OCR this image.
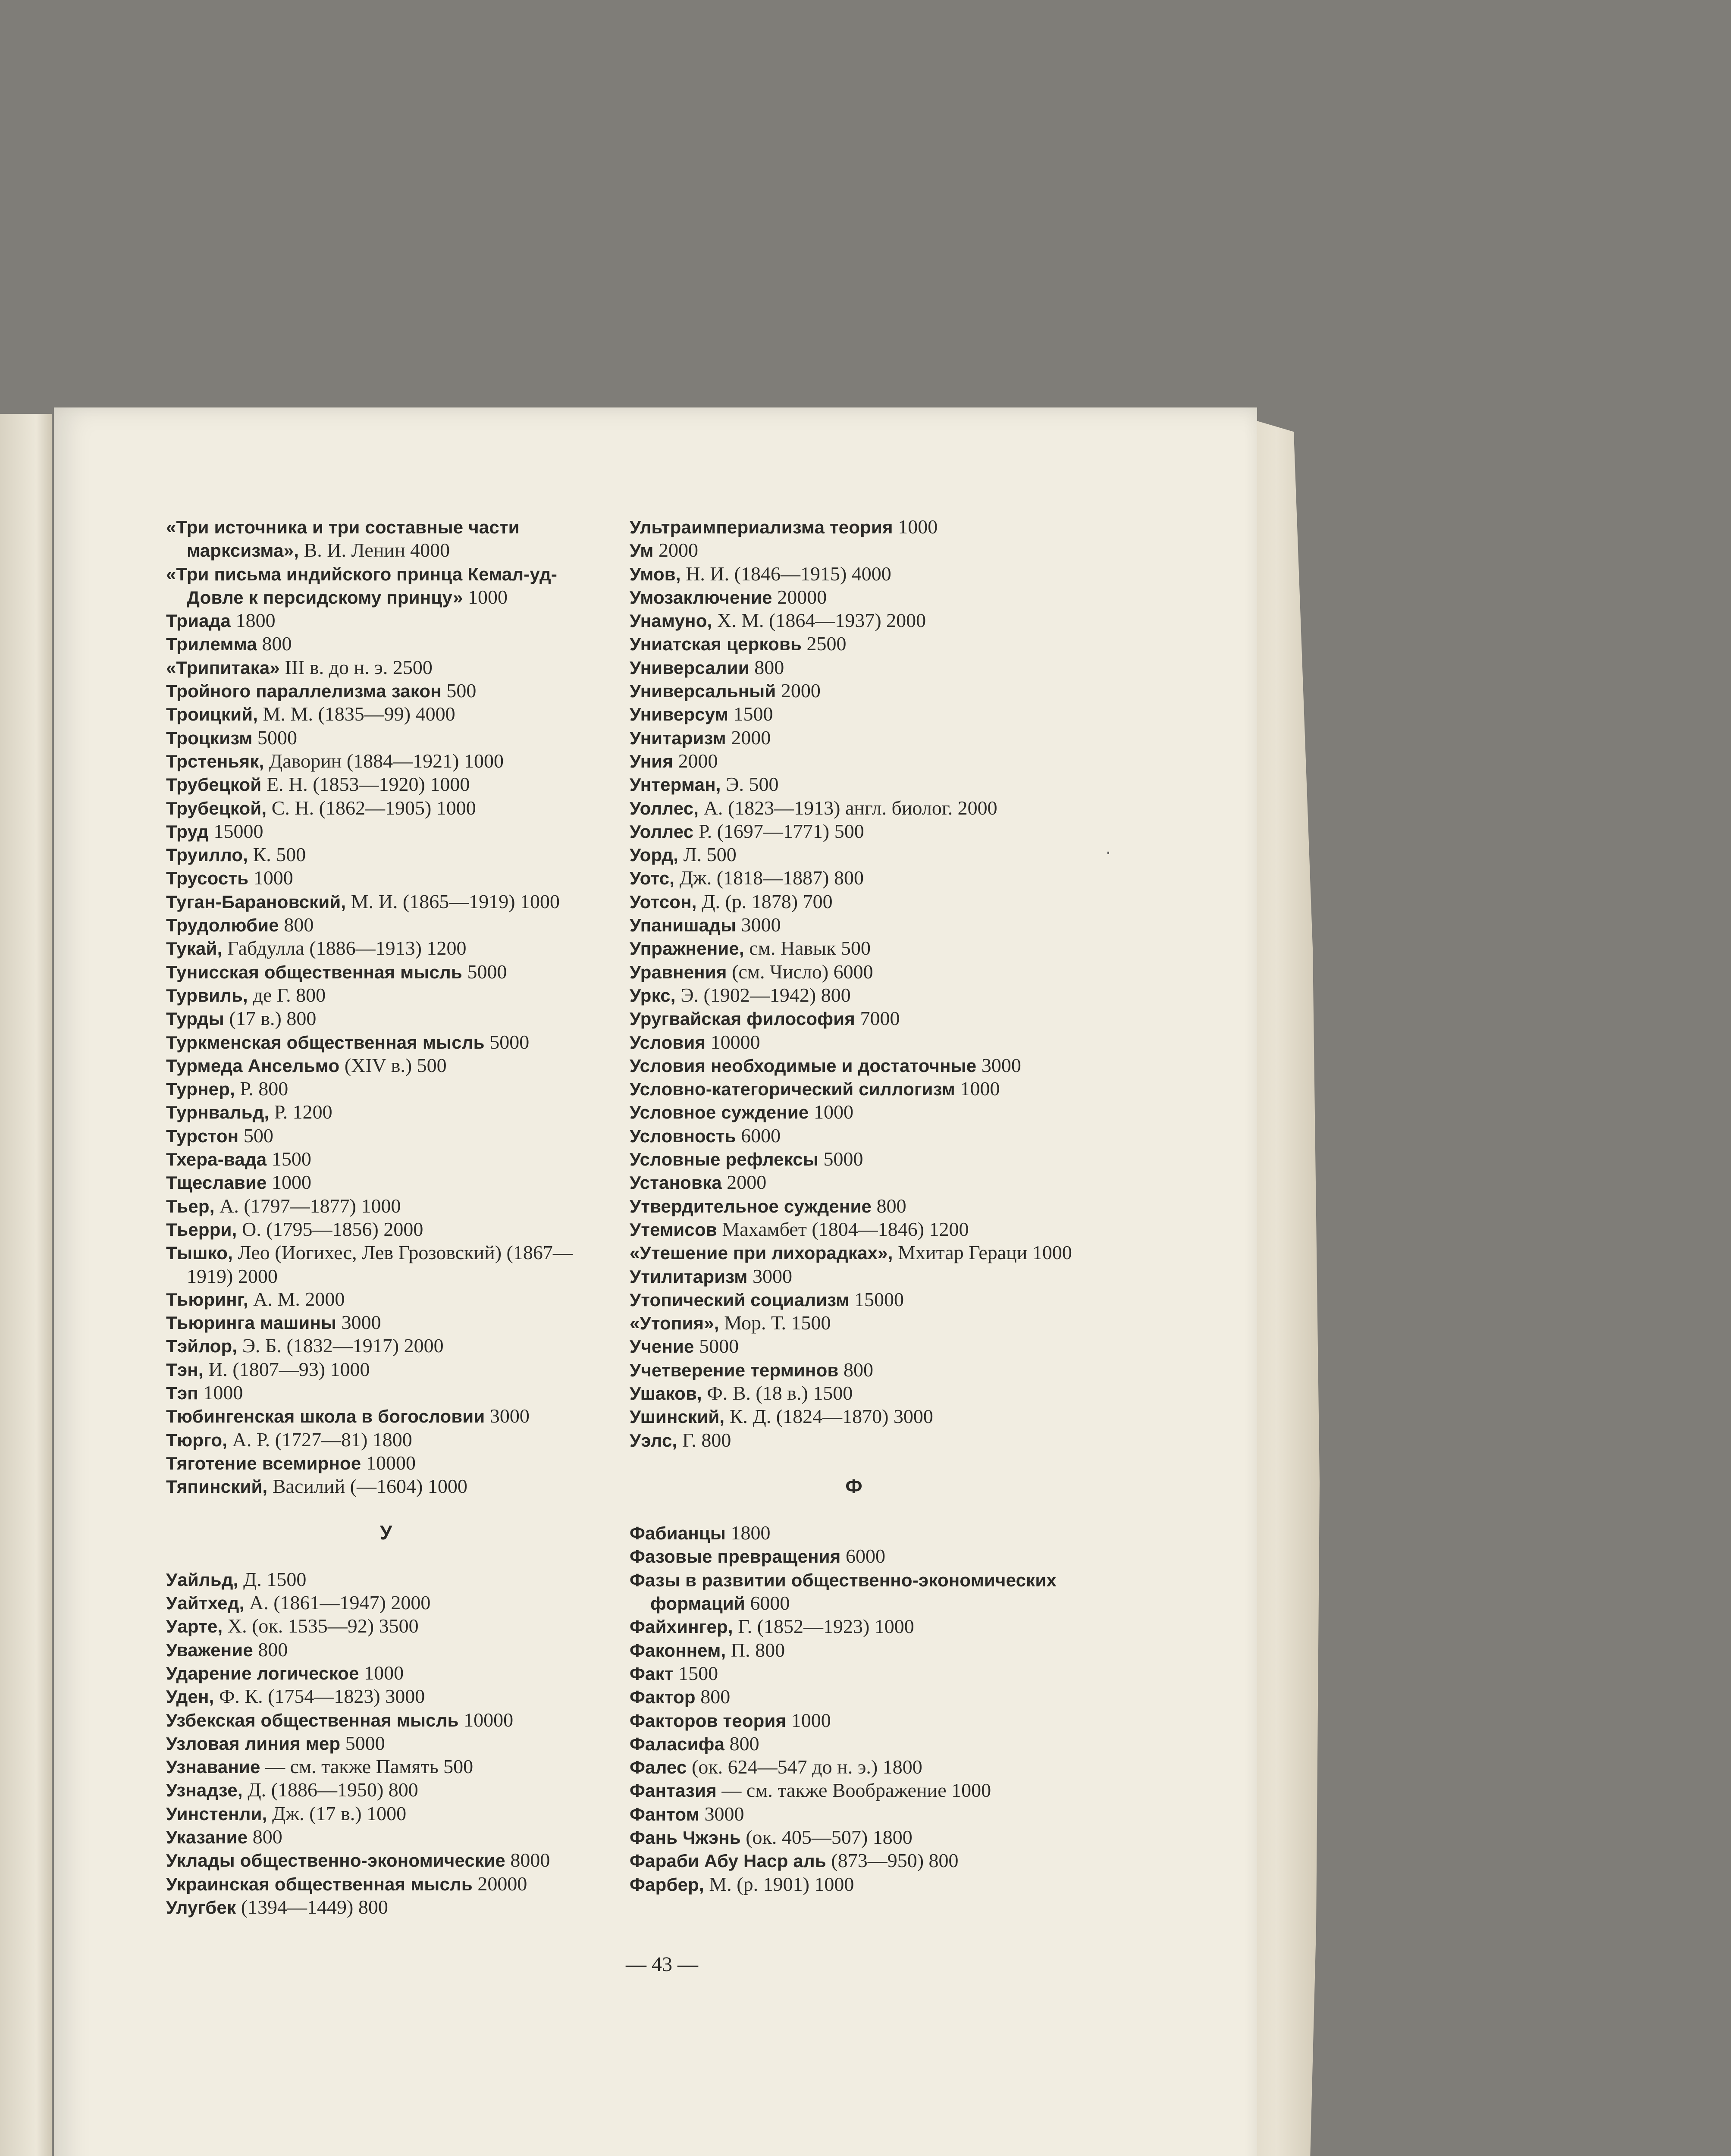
«Три источника и три составные части марксизма», В. И. Ленин 4000

«Три письма индийского принца Кемал-уд-Довле к персидскому принцу» 1000

Триада 1800

Трилемма 800

«Трипитака» III в. до н. э. 2500

Тройного параллелизма закон 500

Троицкий, М. М. (1835—99) 4000

Троцкизм 5000

Трстеньяк, Даворин (1884—1921) 1000

Трубецкой Е. Н. (1853—1920) 1000

Трубецкой, С. Н. (1862—1905) 1000

Труд 15000

Труилло, К. 500

Трусость 1000

Туган-Барановский, М. И. (1865—1919) 1000

Трудолюбие 800

Тукай, Габдулла (1886—1913) 1200

Тунисская общественная мысль 5000

Турвиль, де Г. 800

Турды (17 в.) 800

Туркменская общественная мысль 5000

Турмеда Ансельмо (XIV в.) 500

Турнер, Р. 800

Турнвальд, Р. 1200

Турстон 500

Тхера-вада 1500

Тщеславие 1000

Тьер, А. (1797—1877) 1000

Тьерри, О. (1795—1856) 2000

Тышко, Лео (Иогихес, Лев Грозовский) (1867—1919) 2000

Тьюринг, А. М. 2000

Тьюринга машины 3000

Тэйлор, Э. Б. (1832—1917) 2000

Тэн, И. (1807—93) 1000

Тэп 1000

Тюбингенская школа в богословии 3000

Тюрго, А. Р. (1727—81) 1800

Тяготение всемирное 10000

Тяпинский, Василий (—1604) 1000

У

Уайльд, Д. 1500

Уайтхед, А. (1861—1947) 2000

Уарте, Х. (ок. 1535—92) 3500

Уважение 800

Ударение логическое 1000

Уден, Ф. К. (1754—1823) 3000

Узбекская общественная мысль 10000

Узловая линия мер 5000

Узнавание — см. также Память 500

Узнадзе, Д. (1886—1950) 800

Уинстенли, Дж. (17 в.) 1000

Указание 800

Уклады общественно-экономические 8000

Украинская общественная мысль 20000

Улугбек (1394—1449) 800

Ультраимпериализма теория 1000

Ум 2000

Умов, Н. И. (1846—1915) 4000

Умозаключение 20000

Унамуно, Х. М. (1864—1937) 2000

Униатская церковь 2500

Универсалии 800

Универсальный 2000

Универсум 1500

Унитаризм 2000

Уния 2000

Унтерман, Э. 500

Уоллес, А. (1823—1913) англ. биолог. 2000

Уоллес Р. (1697—1771) 500

Уорд, Л. 500

Уотс, Дж. (1818—1887) 800

Уотсон, Д. (р. 1878) 700

Упанишады 3000

Упражнение, см. Навык 500

Уравнения (см. Число) 6000

Уркс, Э. (1902—1942) 800

Уругвайская философия 7000

Условия 10000

Условия необходимые и достаточные 3000

Условно-категорический силлогизм 1000

Условное суждение 1000

Условность 6000

Условные рефлексы 5000

Установка 2000

Утвердительное суждение 800

Утемисов Махамбет (1804—1846) 1200

«Утешение при лихорадках», Мхитар Гераци 1000

Утилитаризм 3000

Утопический социализм 15000

«Утопия», Мор. Т. 1500

Учение 5000

Учетверение терминов 800

Ушаков, Ф. В. (18 в.) 1500

Ушинский, К. Д. (1824—1870) 3000

Уэлс, Г. 800

Ф

Фабианцы 1800

Фазовые превращения 6000

Фазы в развитии общественно-экономических формаций 6000

Файхингер, Г. (1852—1923) 1000

Факоннем, П. 800

Факт 1500

Фактор 800

Факторов теория 1000

Фаласифа 800

Фалес (ок. 624—547 до н. э.) 1800

Фантазия — см. также Воображение 1000

Фантом 3000

Фань Чжэнь (ок. 405—507) 1800

Фараби Абу Наср аль (873—950) 800

Фарбер, М. (р. 1901) 1000

— 43 —
